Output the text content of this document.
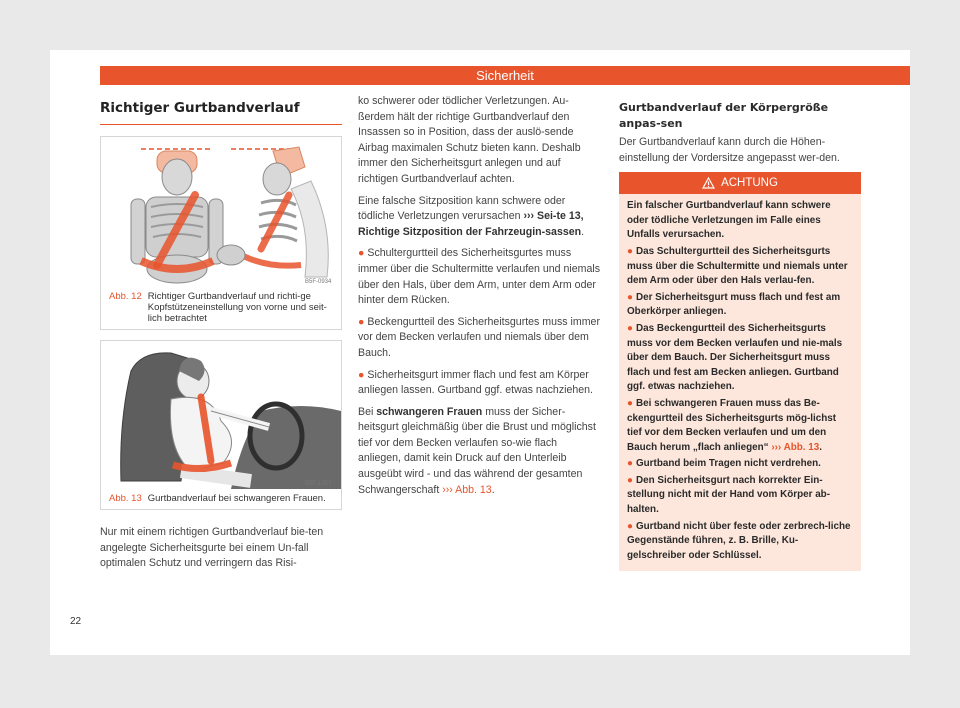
Sicherheit
Richtiger Gurtbandverlauf
B5F-0934
Abb. 12 Richtiger Gurtbandverlauf und richti-ge Kopfstützeneinstellung von vorne und seit-lich betrachtet
B5F-1057
Abb. 13 Gurtbandverlauf bei schwangeren Frauen.

Nur mit einem richtigen Gurtbandverlauf bie-ten angelegte Sicherheitsgurte bei einem Un-fall optimalen Schutz und verringern das Risi-

ko schwerer oder tödlicher Verletzungen. Au-ßerdem hält der richtige Gurtbandverlauf den Insassen so in Position, dass der auslö-sende Airbag maximalen Schutz bieten kann. Deshalb immer den Sicherheitsgurt anlegen und auf richtigen Gurtbandverlauf achten.

Eine falsche Sitzposition kann schwere oder tödliche Verletzungen verursachen ››› Sei-te 13, Richtige Sitzposition der Fahrzeugin-sassen.

● Schultergurtteil des Sicherheitsgurtes muss immer über die Schultermitte verlaufen und niemals über den Hals, über dem Arm, unter dem Arm oder hinter dem Rücken.

● Beckengurtteil des Sicherheitsgurtes muss immer vor dem Becken verlaufen und niemals über dem Bauch.

● Sicherheitsgurt immer flach und fest am Körper anliegen lassen. Gurtband ggf. etwas nachziehen.

Bei schwangeren Frauen muss der Sicher-heitsgurt gleichmäßig über die Brust und möglichst tief vor dem Becken verlaufen so-wie flach anliegen, damit kein Druck auf den Unterleib ausgeübt wird - und das während der gesamten Schwangerschaft ››› Abb. 13.

Gurtbandverlauf der Körpergröße anpas-sen

Der Gurtbandverlauf kann durch die Höhen-einstellung der Vordersitze angepasst wer-den.

ACHTUNG

Ein falscher Gurtbandverlauf kann schwere oder tödliche Verletzungen im Falle eines Unfalls verursachen.

● Das Schultergurtteil des Sicherheitsgurts muss über die Schultermitte und niemals unter dem Arm oder über den Hals verlau-fen.

● Der Sicherheitsgurt muss flach und fest am Oberkörper anliegen.

● Das Beckengurtteil des Sicherheitsgurts muss vor dem Becken verlaufen und nie-mals über dem Bauch. Der Sicherheitsgurt muss flach und fest am Becken anliegen. Gurtband ggf. etwas nachziehen.

● Bei schwangeren Frauen muss das Be-ckengurtteil des Sicherheitsgurts mög-lichst tief vor dem Becken verlaufen und um den Bauch herum „flach anliegen“ ››› Abb. 13.

● Gurtband beim Tragen nicht verdrehen.

● Den Sicherheitsgurt nach korrekter Ein-stellung nicht mit der Hand vom Körper ab-halten.

● Gurtband nicht über feste oder zerbrech-liche Gegenstände führen, z. B. Brille, Ku-gelschreiber oder Schlüssel.

22
